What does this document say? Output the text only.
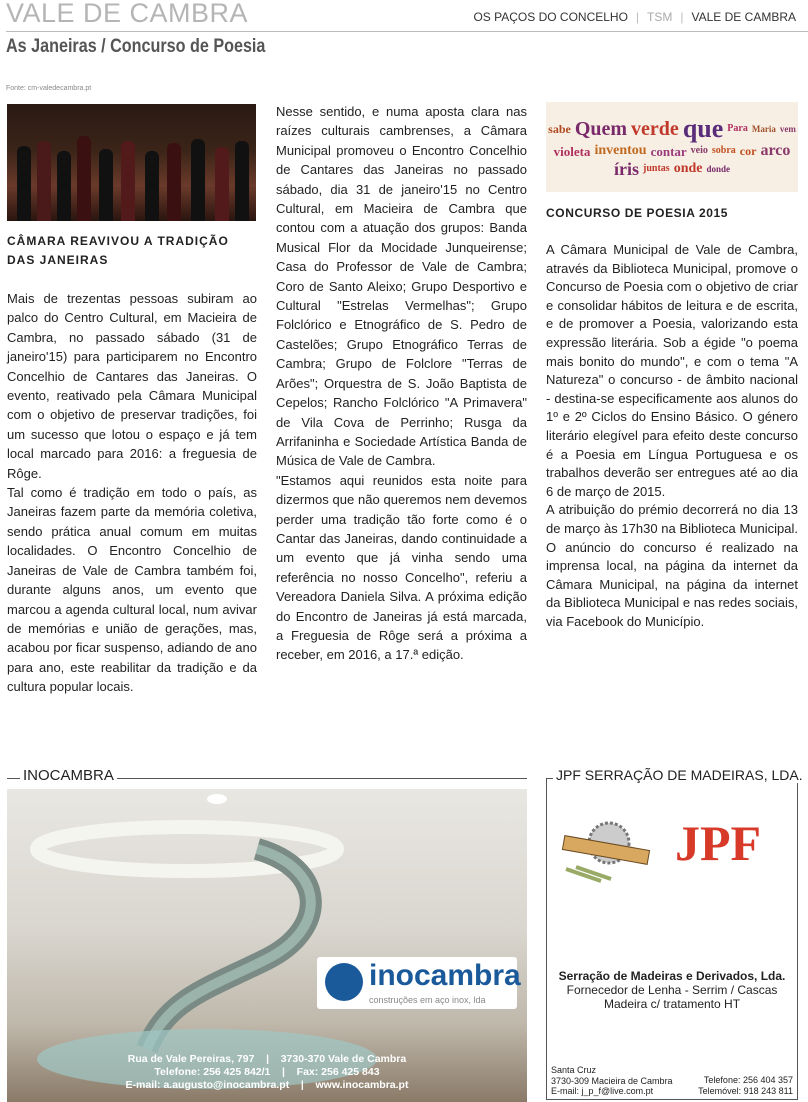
VALE DE CAMBRA	OS PAÇOS DO CONCELHO | TSM | VALE DE CAMBRA
As Janeiras / Concurso de Poesia
Fonte: cm-valedecambra.pt
CÂMARA REAVIVOU A TRADIÇÃO DAS JANEIRAS

Mais de trezentas pessoas subiram ao palco do Centro Cultural, em Macieira de Cambra, no passado sábado (31 de janeiro'15) para participarem no Encontro Concelhio de Cantares das Janeiras. O evento, reativado pela Câmara Municipal com o objetivo de preservar tradições, foi um sucesso que lotou o espaço e já tem local marcado para 2016: a freguesia de Rôge.

Tal como é tradição em todo o país, as Janeiras fazem parte da memória coletiva, sendo prática anual comum em muitas localidades. O Encontro Concelhio de Janeiras de Vale de Cambra também foi, durante alguns anos, um evento que marcou a agenda cultural local, num avivar de memórias e união de gerações, mas, acabou por ficar suspenso, adiando de ano para ano, este reabilitar da tradição e da cultura popular locais.

Nesse sentido, e numa aposta clara nas raízes culturais cambrenses, a Câmara Municipal promoveu o Encontro Concelhio de Cantares das Janeiras no passado sábado, dia 31 de janeiro'15 no Centro Cultural, em Macieira de Cambra que contou com a atuação dos grupos: Banda Musical Flor da Mocidade Junqueirense; Casa do Professor de Vale de Cambra; Coro de Santo Aleixo; Grupo Desportivo e Cultural "Estrelas Vermelhas"; Grupo Folclórico e Etnográfico de S. Pedro de Castelões; Grupo Etnográfico Terras de Cambra; Grupo de Folclore "Terras de Arões"; Orquestra de S. João Baptista de Cepelos; Rancho Folclórico "A Primavera" de Vila Cova de Perrinho; Rusga da Arrifaninha e Sociedade Artística Banda de Música de Vale de Cambra.

"Estamos aqui reunidos esta noite para dizermos que não queremos nem devemos perder uma tradição tão forte como é o Cantar das Janeiras, dando continuidade a um evento que já vinha sendo uma referência no nosso Concelho", referiu a Vereadora Daniela Silva. A próxima edição do Encontro de Janeiras já está marcada, a Freguesia de Rôge será a próxima a receber, em 2016, a 17.ª edição.

sabe Quem verde que Para Maria vem
violeta inventou contar veio sobra cor arco
íris juntas onde donde
CONCURSO DE POESIA 2015

A Câmara Municipal de Vale de Cambra, através da Biblioteca Municipal, promove o Concurso de Poesia com o objetivo de criar e consolidar hábitos de leitura e de escrita, e de promover a Poesia, valorizando esta expressão literária. Sob a égide "o poema mais bonito do mundo", e com o tema "A Natureza" o concurso - de âmbito nacional - destina-se especificamente aos alunos do 1º e 2º Ciclos do Ensino Básico. O género literário elegível para efeito deste concurso é a Poesia em Língua Portuguesa e os trabalhos deverão ser entregues até ao dia 6 de março de 2015.

A atribuição do prémio decorrerá no dia 13 de março às 17h30 na Biblioteca Municipal. O anúncio do concurso é realizado na imprensa local, na página da internet da Câmara Municipal, na página da internet da Biblioteca Municipal e nas redes sociais, via Facebook do Município.

INOCAMBRA
inocambra
construções em aço inox, lda
Rua de Vale Pereiras, 797    |    3730-370 Vale de Cambra
Telefone: 256 425 842/1    |    Fax: 256 425 843
E-mail: a.augusto@inocambra.pt    |    www.inocambra.pt
JPF
Serração de Madeiras e Derivados, Lda.
Fornecedor de Lenha - Serrim / Cascas
Madeira c/ tratamento HT
Santa Cruz
3730-309 Macieira de Cambra
E-mail: j_p_f@live.com.pt
Telefone: 256 404 357
Telemóvel: 918 243 811
JPF SERRAÇÃO DE MADEIRAS, LDA.
